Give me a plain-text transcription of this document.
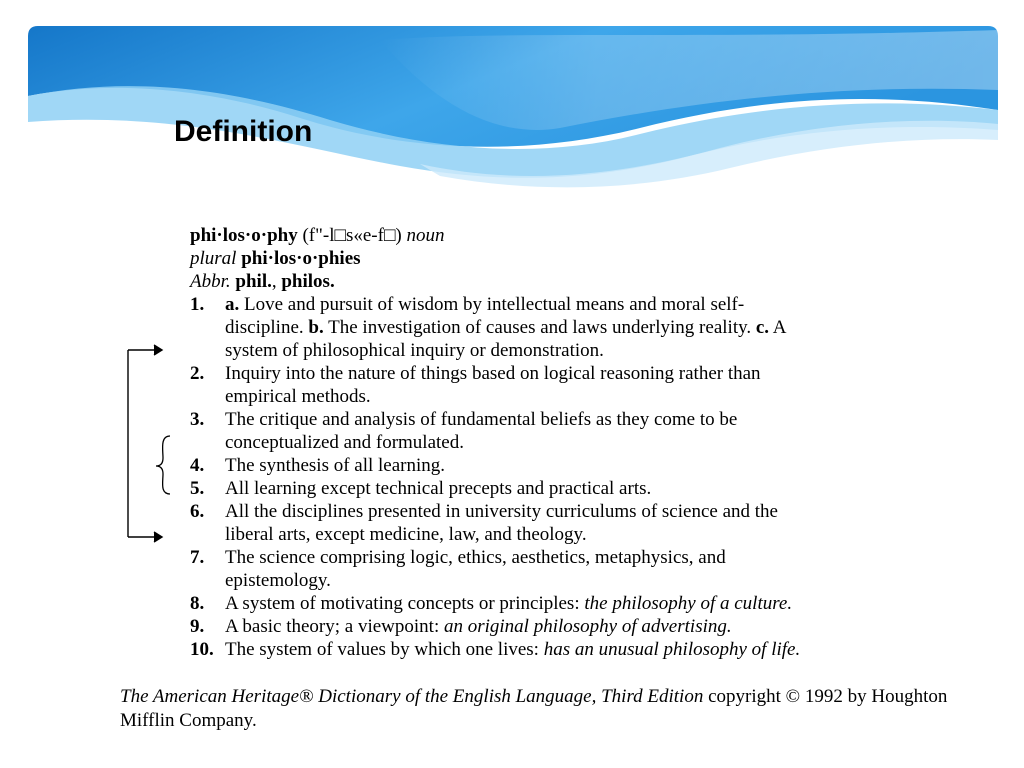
Definition
phi·los·o·phy (f"-l□s«e-f□) noun
plural phi·los·o·phies
Abbr. phil., philos.
1. a. Love and pursuit of wisdom by intellectual means and moral self-
discipline. b. The investigation of causes and laws underlying reality. c. A
system of philosophical inquiry or demonstration.
2. Inquiry into the nature of things based on logical reasoning rather than
empirical methods.
3. The critique and analysis of fundamental beliefs as they come to be
conceptualized and formulated.
4. The synthesis of all learning.
5. All learning except technical precepts and practical arts.
6. All the disciplines presented in university curriculums of science and the
liberal arts, except medicine, law, and theology.
7. The science comprising logic, ethics, aesthetics, metaphysics, and
epistemology.
8. A system of motivating concepts or principles: the philosophy of a culture.
9. A basic theory; a viewpoint: an original philosophy of advertising.
10. The system of values by which one lives: has an unusual philosophy of life.

The American Heritage® Dictionary of the English Language, Third Edition copyright © 1992 by Houghton Mifflin Company.
